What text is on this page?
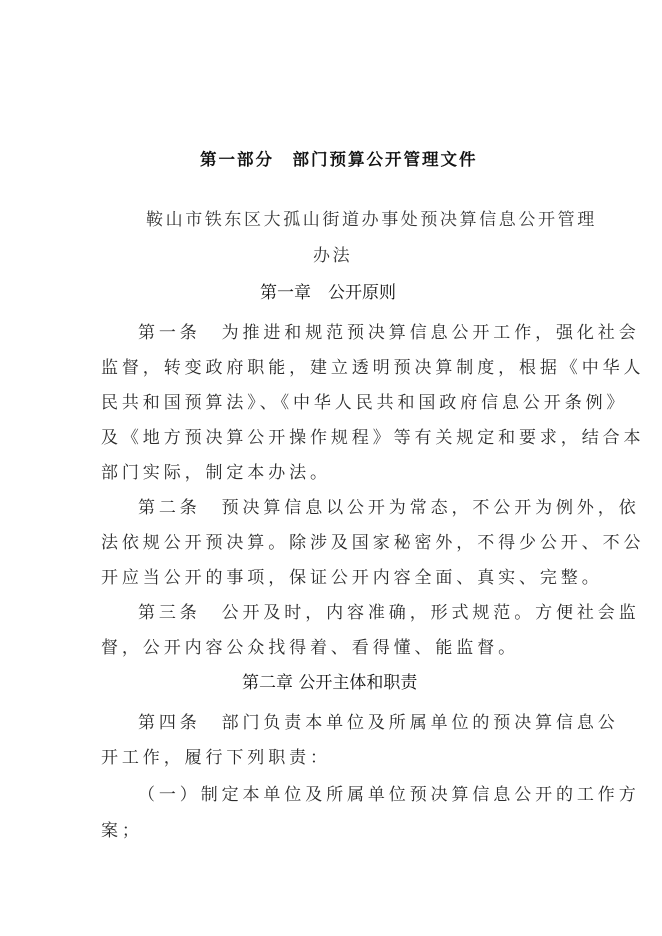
第一部分　部门预算公开管理文件
鞍山市铁东区大孤山街道办事处预决算信息公开管理
办法
第一章　公开原则
第一条　为推进和规范预决算信息公开工作，强化社会
监督，转变政府职能，建立透明预决算制度，根据《中华人
民共和国预算法》、《中华人民共和国政府信息公开条例》
及《地方预决算公开操作规程》等有关规定和要求，结合本
部门实际，制定本办法。
第二条　预决算信息以公开为常态，不公开为例外，依
法依规公开预决算。除涉及国家秘密外，不得少公开、不公
开应当公开的事项，保证公开内容全面、真实、完整。
第三条　公开及时，内容准确，形式规范。方便社会监
督，公开内容公众找得着、看得懂、能监督。
第二章 公开主体和职责
第四条　部门负责本单位及所属单位的预决算信息公
开工作，履行下列职责：
（一）制定本单位及所属单位预决算信息公开的工作方
案；
